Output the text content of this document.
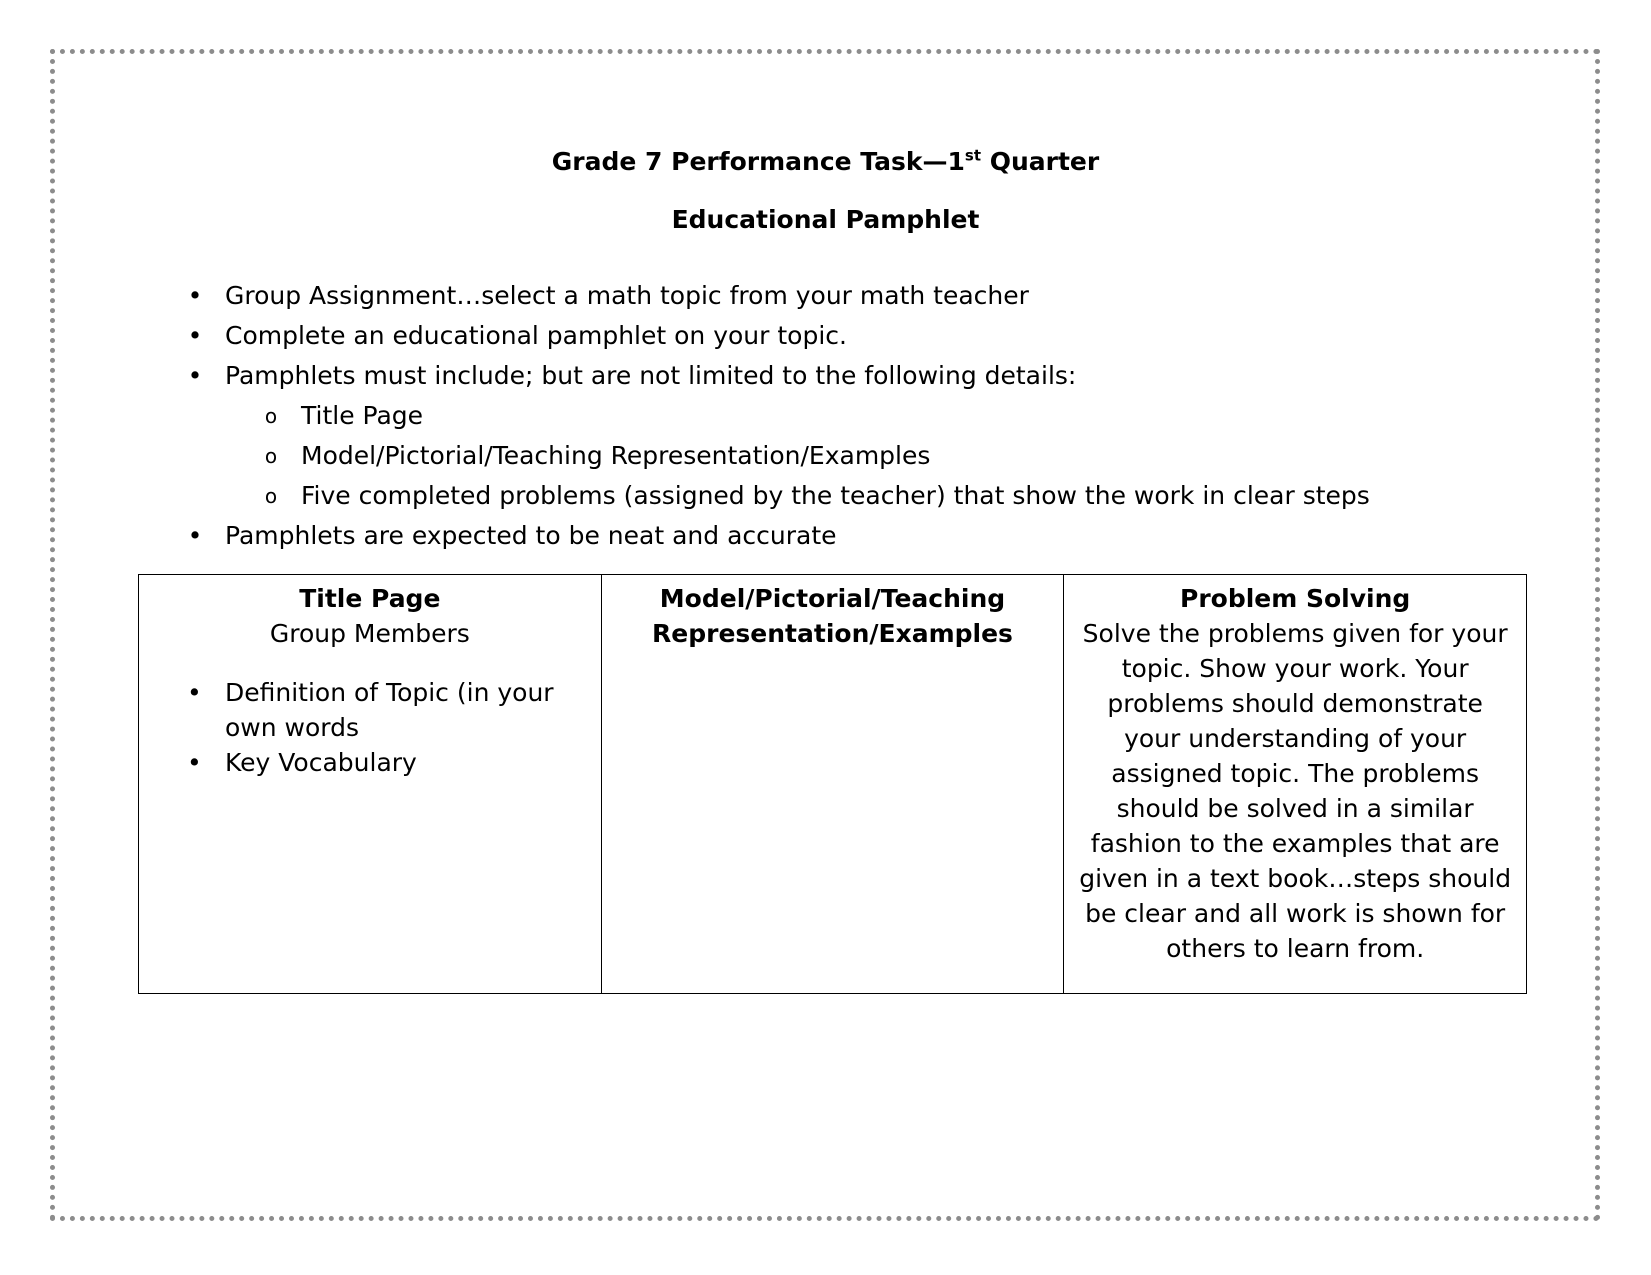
Grade 7 Performance Task—1st Quarter
Educational Pamphlet
• Group Assignment…select a math topic from your math teacher
• Complete an educational pamphlet on your topic.
• Pamphlets must include; but are not limited to the following details:
o Title Page
o Model/Pictorial/Teaching Representation/Examples
o Five completed problems (assigned by the teacher) that show the work in clear steps
• Pamphlets are expected to be neat and accurate
Title Page
Group Members
• Definition of Topic (in your own words
• Key Vocabulary

Model/Pictorial/Teaching
Representation/Examples

Problem Solving
Solve the problems given for your topic. Show your work. Your problems should demonstrate your understanding of your assigned topic. The problems should be solved in a similar fashion to the examples that are given in a text book…steps should be clear and all work is shown for others to learn from.
